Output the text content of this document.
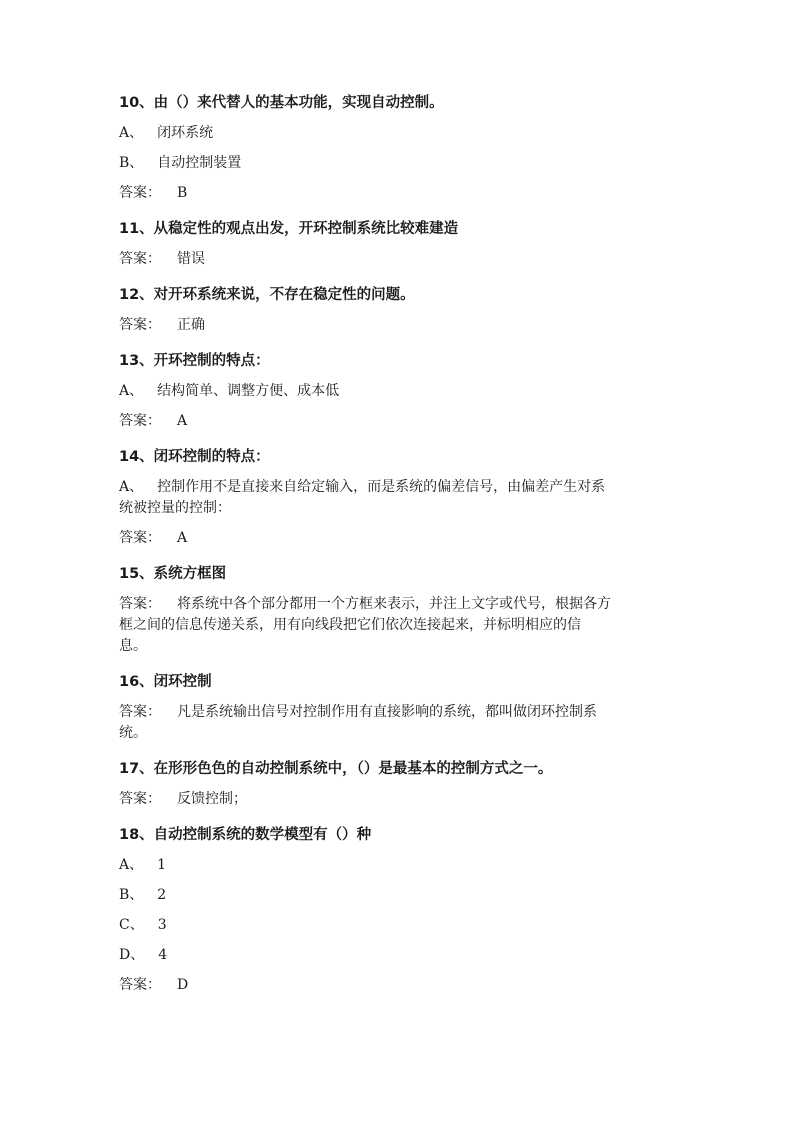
10、由（）来代替人的基本功能，实现自动控制。

A、 闭环系统

B、 自动控制装置

答案： B

11、从稳定性的观点出发，开环控制系统比较难建造

答案： 错误

12、对开环系统来说，不存在稳定性的问题。

答案： 正确

13、开环控制的特点：

A、 结构简单、调整方便、成本低

答案： A

14、闭环控制的特点：

A、 控制作用不是直接来自给定输入，而是系统的偏差信号，由偏差产生对系

统被控量的控制：

答案： A

15、系统方框图

答案： 将系统中各个部分都用一个方框来表示，并注上文字或代号，根据各方

框之间的信息传递关系，用有向线段把它们依次连接起来，并标明相应的信

息。

16、闭环控制

答案： 凡是系统输出信号对控制作用有直接影响的系统，都叫做闭环控制系

统。

17、在形形色色的自动控制系统中，（）是最基本的控制方式之一。

答案： 反馈控制；

18、自动控制系统的数学模型有（）种

A、 1

B、 2

C、 3

D、 4

答案： D
